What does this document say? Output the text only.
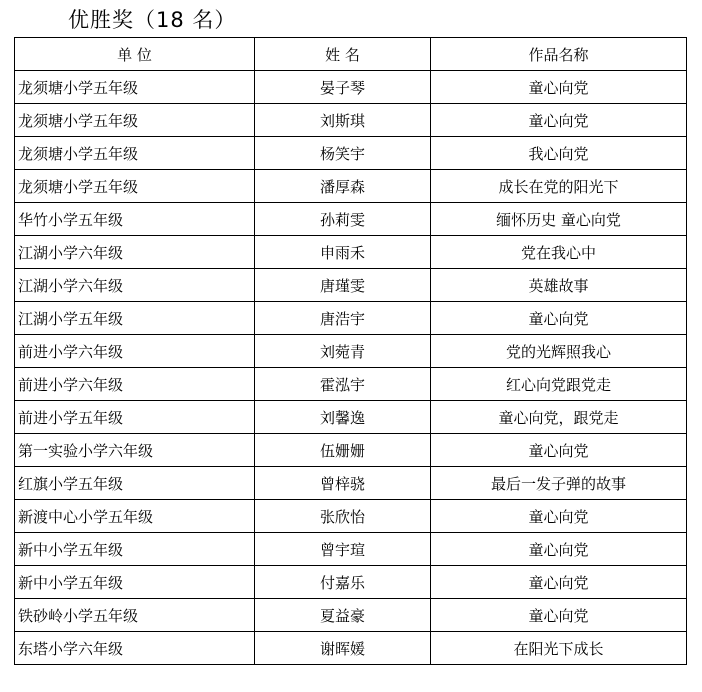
优胜奖（18 名）
单 位	姓 名	作品名称
龙须塘小学五年级	晏子琴	童心向党
龙须塘小学五年级	刘斯琪	童心向党
龙须塘小学五年级	杨笑宇	我心向党
龙须塘小学五年级	潘厚森	成长在党的阳光下
华竹小学五年级	孙莉雯	缅怀历史 童心向党
江湖小学六年级	申雨禾	党在我心中
江湖小学六年级	唐瑾雯	英雄故事
江湖小学五年级	唐浩宇	童心向党
前进小学六年级	刘菀青	党的光辉照我心
前进小学六年级	霍泓宇	红心向党跟党走
前进小学五年级	刘馨逸	童心向党，跟党走
第一实验小学六年级	伍姗姗	童心向党
红旗小学五年级	曾梓骁	最后一发子弹的故事
新渡中心小学五年级	张欣怡	童心向党
新中小学五年级	曾宇瑄	童心向党
新中小学五年级	付嘉乐	童心向党
铁砂岭小学五年级	夏益豪	童心向党
东塔小学六年级	谢晖媛	在阳光下成长
